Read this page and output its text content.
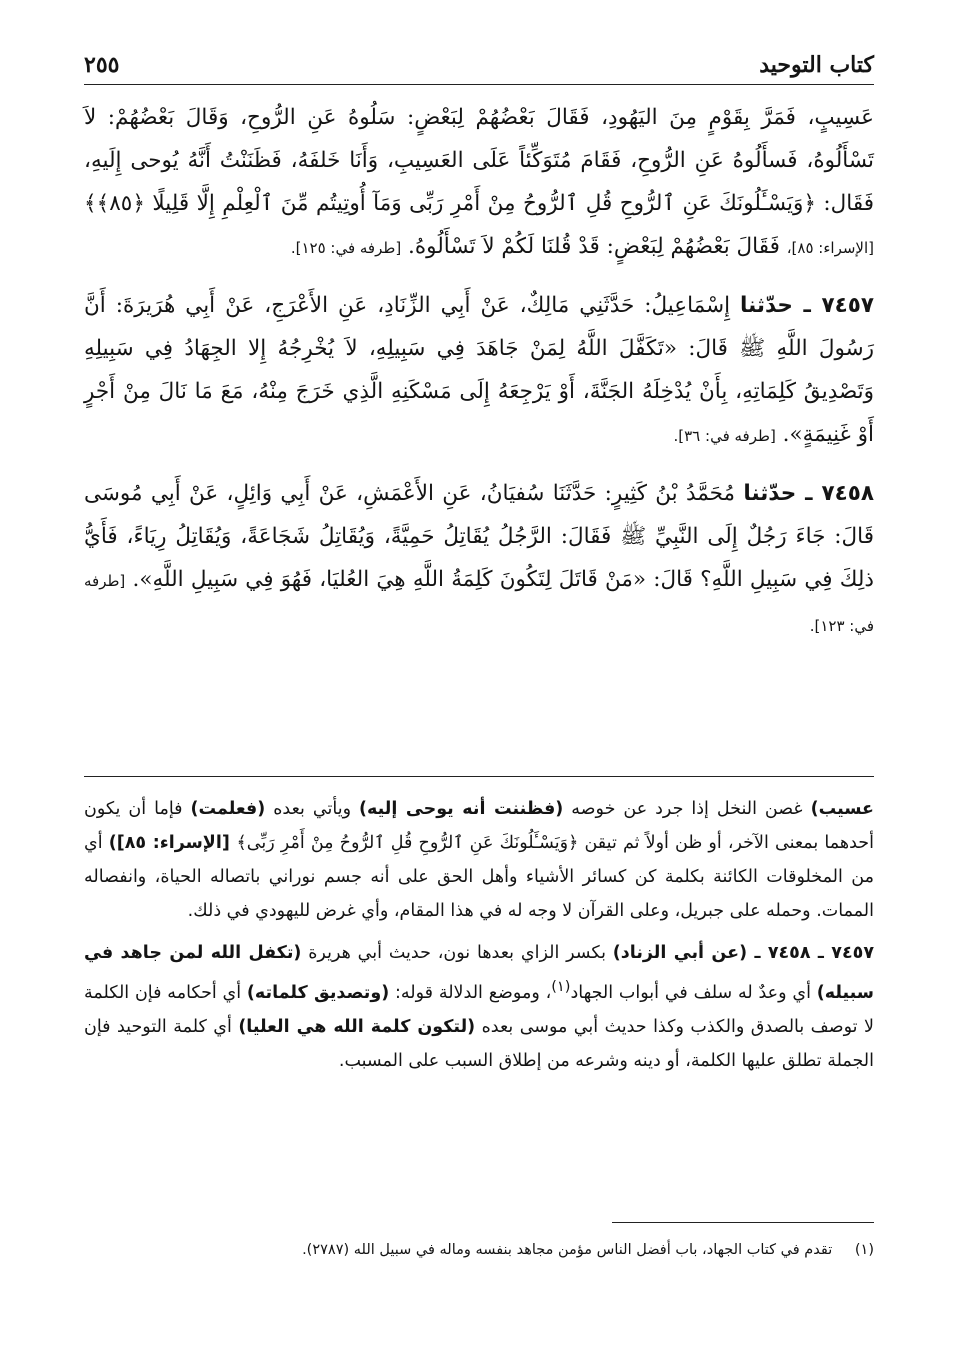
كتاب التوحيد
٢٥٥

عَسِيبٍ، فَمَرَّ بِقَوْمٍ مِنَ اليَهُودِ، فَقَالَ بَعْضُهُمْ لِبَعْضٍ: سَلُوهُ عَنِ الرُّوحِ، وَقَالَ بَعْضُهُمْ: لاَ تَسْأَلُوهُ، فَسأَلُوهُ عَنِ الرُّوحِ، فَقَامَ مُتَوَكِّئاً عَلَى العَسِيبِ، وَأَنَا خَلفَهُ، فَظَنَنْتُ أَنَّهُ يُوحى إِلَيهِ، فَقَال: ﴿وَيَسْـَٔلُونَكَ عَنِ ٱلرُّوحِ قُلِ ٱلرُّوحُ مِنْ أَمْرِ رَبِّى وَمَآ أُوتِيتُم مِّنَ ٱلْعِلْمِ إِلَّا قَلِيلًا ﴿٨٥﴾﴾ [الإسراء: ٨٥]، فَقَالَ بَعْضُهُمْ لِبَعْضٍ: قَدْ قُلنَا لَكُمْ لاَ تَسْأَلُوهُ. [طرفه في: ١٢٥].

٧٤٥٧ ـ حدّثنا إِسْمَاعِيلُ: حَدَّثَنِي مَالِكٌ، عَنْ أَبِي الزِّنَادِ، عَنِ الأَعْرَجِ، عَنْ أَبِي هُرَيرَةَ: أَنَّ رَسُولَ اللَّهِ ﷺ قَالَ: «تَكَفَّلَ اللَّهُ لِمَنْ جَاهَدَ فِي سَبِيلِهِ، لاَ يُخْرِجُهُ إِلا الجِهَادُ فِي سَبِيلِهِ وَتَصْدِيقُ كَلِمَاتِهِ، بِأَنْ يُدْخِلَهُ الجَنَّةَ، أَوْ يَرْجِعَهُ إِلَى مَسْكَنِهِ الَّذِي خَرَجَ مِنْهُ، مَعَ مَا نَالَ مِنْ أَجْرٍ أَوْ غَنِيمَةٍ». [طرفه في: ٣٦].

٧٤٥٨ ـ حدّثنا مُحَمَّدُ بْنُ كَثِيرٍ: حَدَّثَنَا سُفيَانُ، عَنِ الأَعْمَشِ، عَنْ أَبِي وَائِلٍ، عَنْ أَبِي مُوسَى قَالَ: جَاءَ رَجُلٌ إِلَى النَّبِيِّ ﷺ فَقَالَ: الرَّجُلُ يُقَاتِلُ حَمِيَّةً، وَيُقَاتِلُ شَجَاعَةً، وَيُقَاتِلُ رِيَاءً، فَأَيُّ ذلِكَ فِي سَبِيلِ اللَّهِ؟ قَالَ: «مَنْ قَاتَلَ لِتَكُونَ كَلِمَةُ اللَّهِ هِيَ العُليَا، فَهُوَ فِي سَبِيلِ اللَّهِ». [طرفه في: ١٢٣].

عسيب) غصن النخل إذا جرد عن خوصه (فظننت أنه يوحى إليه) ويأتي بعده (فعلمت) فإما أن يكون أحدهما بمعنى الآخر، أو ظن أولاً ثم تيقن ﴿وَيَسْـَٔلُونَكَ عَنِ ٱلرُّوحِ قُلِ ٱلرُّوحُ مِنْ أَمْرِ رَبِّى﴾ [الإسراء: ٨٥]) أي من المخلوقات الكائنة بكلمة كن كسائر الأشياء وأهل الحق على أنه جسم نوراني باتصاله الحياة، وانفصاله الممات. وحمله على جبريل، وعلى القرآن لا وجه له في هذا المقام، وأي غرض لليهودي في ذلك.

٧٤٥٧ ـ ٧٤٥٨ ـ (عن أبي الزناد) بكسر الزاي بعدها نون، حديث أبي هريرة (تكفل الله لمن جاهد في سبيله) أي وعدٌ له سلف في أبواب الجهاد$^{(١)}$، وموضع الدلالة قوله: (وتصديق كلماته) أي أحكامه فإن الكلمة لا توصف بالصدق والكذب وكذا حديث أبي موسى بعده (لتكون كلمة الله هي العليا) أي كلمة التوحيد فإن الجملة تطلق عليها الكلمة، أو دينه وشرعه من إطلاق السبب على المسبب.

(١) تقدم في كتاب الجهاد، باب أفضل الناس مؤمن مجاهد بنفسه وماله في سبيل الله (٢٧٨٧).
